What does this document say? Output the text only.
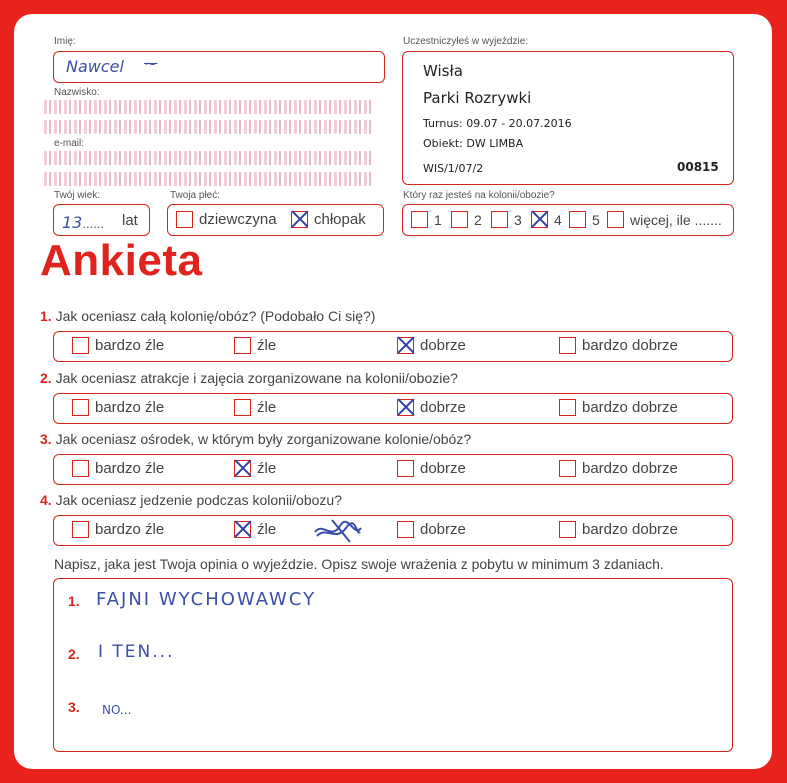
Imię:
Nawcel ~
Nazwisko:
e-mail:
Twój wiek:
13...... lat
Twoja płeć:
dziewczyna chłopak
Uczestniczyłeś w wyjeździe:
Wisła
Parki Rozrywki
Turnus: 09.07 - 20.07.2016
Obiekt: DW LIMBA
WIS/1/07/2	00815
Który raz jesteś na kolonii/obozie?
1 2 3 4 5 więcej, ile .......
Ankieta
1. Jak oceniasz całą kolonię/obóz? (Podobało Ci się?)
bardzo źle	źle	dobrze	bardzo dobrze
2. Jak oceniasz atrakcje i zajęcia zorganizowane na kolonii/obozie?
bardzo źle	źle	dobrze	bardzo dobrze
3. Jak oceniasz ośrodek, w którym były zorganizowane kolonie/obóz?
bardzo źle	źle	dobrze	bardzo dobrze
4. Jak oceniasz jedzenie podczas kolonii/obozu?
bardzo źle	źle	dobrze	bardzo dobrze
Napisz, jaka jest Twoja opinia o wyjeździe. Opisz swoje wrażenia z pobytu w minimum 3 zdaniach.
1. FAJNI WYCHOWAWCY
2. I TEN...
3. NO...
